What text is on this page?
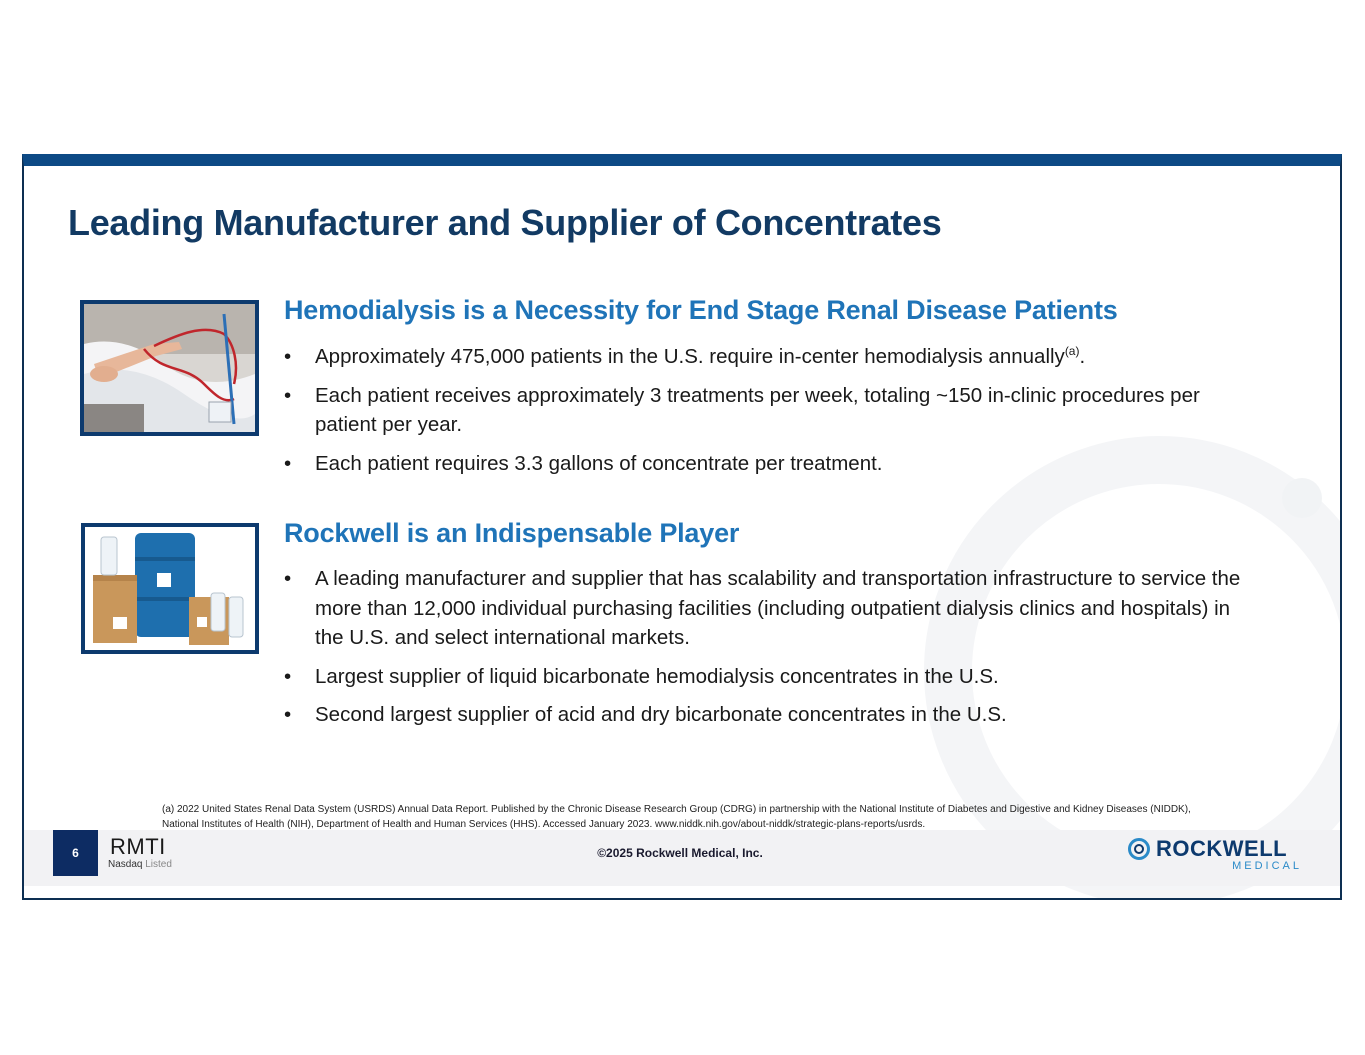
Leading Manufacturer and Supplier of Concentrates
Hemodialysis is a Necessity for End Stage Renal Disease Patients
• Approximately 475,000 patients in the U.S. require in-center hemodialysis annually$^{(a)}$.
• Each patient receives approximately 3 treatments per week, totaling ~150 in-clinic procedures per patient per year.
• Each patient requires 3.3 gallons of concentrate per treatment.
Rockwell is an Indispensable Player
• A leading manufacturer and supplier that has scalability and transportation infrastructure to service the more than 12,000 individual purchasing facilities (including outpatient dialysis clinics and hospitals) in the U.S. and select international markets.
• Largest supplier of liquid bicarbonate hemodialysis concentrates in the U.S.
• Second largest supplier of acid and dry bicarbonate concentrates in the U.S.

(a) 2022 United States Renal Data System (USRDS) Annual Data Report. Published by the Chronic Disease Research Group (CDRG) in partnership with the National Institute of Diabetes and Digestive and Kidney Diseases (NIDDK), National Institutes of Health (NIH), Department of Health and Human Services (HHS). Accessed January 2023. www.niddk.nih.gov/about-niddk/strategic-plans-reports/usrds.

6	RMTI
Nasdaq Listed
©2025 Rockwell Medical, Inc.	ROCKWELL
MEDICAL
